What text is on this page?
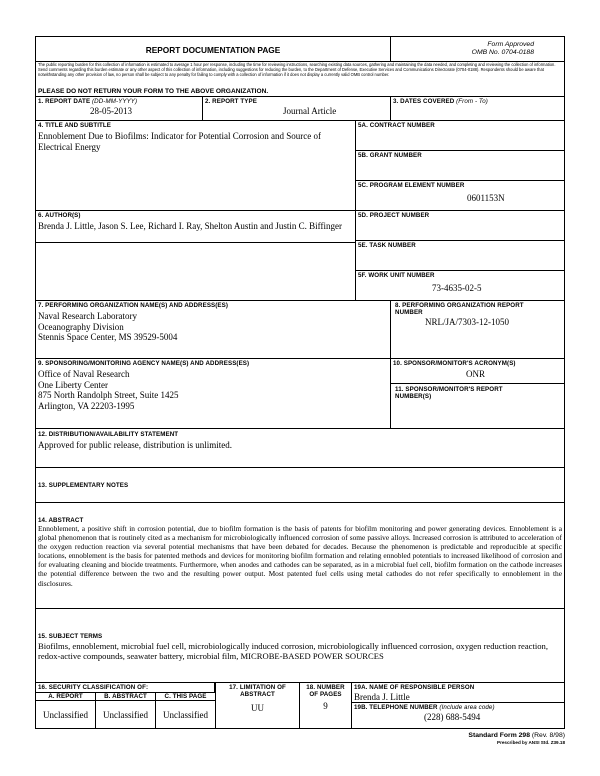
REPORT DOCUMENTATION PAGE
Form Approved
OMB No. 0704-0188
The public reporting burden for this collection of information is estimated to average 1 hour per response, including the time for reviewing instructions, searching existing data sources, gathering and maintaining the data needed, and completing and reviewing the collection of information. Send comments regarding this burden estimate or any other aspect of this collection of information, including suggestions for reducing the burden, to the Department of Defense, Executive Services and Communications Directorate (0704-0188). Respondents should be aware that notwithstanding any other provision of law, no person shall be subject to any penalty for failing to comply with a collection of information if it does not display a currently valid OMB control number.
PLEASE DO NOT RETURN YOUR FORM TO THE ABOVE ORGANIZATION.
1. REPORT DATE (DD-MM-YYYY)
28-05-2013
2. REPORT TYPE
Journal Article
3. DATES COVERED (From - To)
4. TITLE AND SUBTITLE
Ennoblement Due to Biofilms: Indicator for Potential Corrosion and Source of Electrical Energy
5A. CONTRACT NUMBER
5B. GRANT NUMBER
5C. PROGRAM ELEMENT NUMBER
0601153N
6. AUTHOR(S)
Brenda J. Little, Jason S. Lee, Richard I. Ray, Shelton Austin and Justin C. Biffinger
5D. PROJECT NUMBER
5E. TASK NUMBER
5F. WORK UNIT NUMBER
73-4635-02-5
7. PERFORMING ORGANIZATION NAME(S) AND ADDRESS(ES)
Naval Research Laboratory
Oceanography Division
Stennis Space Center, MS 39529-5004
8. PERFORMING ORGANIZATION REPORT NUMBER
NRL/JA/7303-12-1050
9. SPONSORING/MONITORING AGENCY NAME(S) AND ADDRESS(ES)
Office of Naval Research
One Liberty Center
875 North Randolph Street, Suite 1425
Arlington, VA 22203-1995
10. SPONSOR/MONITOR'S ACRONYM(S)
ONR
11. SPONSOR/MONITOR'S REPORT NUMBER(S)
12. DISTRIBUTION/AVAILABILITY STATEMENT
Approved for public release, distribution is unlimited.
13. SUPPLEMENTARY NOTES
14. ABSTRACT
Ennoblement, a positive shift in corrosion potential, due to biofilm formation is the basis of patents for biofilm monitoring and power generating devices. Ennoblement is a global phenomenon that is routinely cited as a mechanism for microbiologically influenced corrosion of some passive alloys. Increased corrosion is attributed to acceleration of the oxygen reduction reaction via several potential mechanisms that have been debated for decades. Because the phenomenon is predictable and reproducible at specific locations, ennoblement is the basis for patented methods and devices for monitoring biofilm formation and relating ennobled potentials to increased likelihood of corrosion and for evaluating cleaning and biocide treatments. Furthermore, when anodes and cathodes can be separated, as in a microbial fuel cell, biofilm formation on the cathode increases the potential difference between the two and the resulting power output. Most patented fuel cells using metal cathodes do not refer specifically to ennoblement in the disclosures.
15. SUBJECT TERMS
Biofilms, ennoblement, microbial fuel cell, microbiologically induced corrosion, microbiologically influenced corrosion, oxygen reduction reaction, redox-active compounds, seawater battery, microbial film, MICROBE-BASED POWER SOURCES
16. SECURITY CLASSIFICATION OF:
A. REPORT	B. ABSTRACT	C. THIS PAGE
Unclassified	Unclassified	Unclassified
17. LIMITATION OF ABSTRACT
UU
18. NUMBER OF PAGES
9
19A. NAME OF RESPONSIBLE PERSON
Brenda J. Little
19B. TELEPHONE NUMBER (Include area code)
(228) 688-5494
Standard Form 298 (Rev. 8/98)
Prescribed by ANSI Std. Z39.18
